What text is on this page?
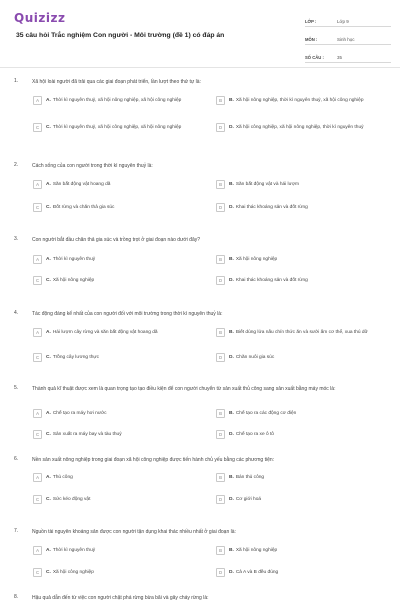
Quizizz
35 câu hỏi Trắc nghiệm Con người - Môi trường (đề 1) có đáp án
LỚP :	Lớp 9
MÔN :	Sinh học
SỐ CÂU :	35
1.	Xã hội loài người đã trải qua các giai đoạn phát triển, lần lượt theo thứ tự là:
A	A. Thời kì nguyên thuỷ, xã hội nông nghiệp, xã hội công nghiệp	B	B. Xã hội nông nghiệp, thời kì nguyên thuỷ, xã hội công nghiệp
C	C. Thời kì nguyên thuỷ, xã hội công nghiệp, xã hội nông nghiệp	D	D. Xã hội công nghiệp, xã hội nông nghiệp, thời kì nguyên thuỷ
2.	Cách sống của con người trong thời kì nguyên thuỷ là:
A	A. Săn bắt động vật hoang dã	B	B. Săn bắt động vật và hái lượm
C	C. Đốt rừng và chăn thả gia súc	D	D. Khai thác khoáng sản và đốt rừng
3.	Con người bắt đầu chăn thả gia súc và trồng trọt ở giai đoạn nào dưới đây?
A	A. Thời kì nguyên thuỷ	B	B. Xã hội nông nghiệp
C	C. Xã hội nông nghiệp	D	D. Khai thác khoáng sản và đốt rừng
4.	Tác động đáng kể nhất của con người đối với môi trường trong thời kì nguyên thuỷ là:
A	A. Hái lượm cây rừng và săn bắt động vật hoang dã	B	B. Biết dùng lửa nấu chín thức ăn và sưởi ấm cơ thể, xua thú dữ
C	C. Trồng cây lương thực	D	D. Chăn nuôi gia súc
5.	Thành quả kĩ thuật được xem là quan trọng tạo tạo điều kiện để con người chuyển từ sản xuất thủ công sang sản xuất bằng máy móc là:
A	A. Chế tạo ra máy hơi nước	B	B. Chế tạo ra các động cơ điện
C	C. Sản xuất ra máy bay và tàu thuỷ	D	D. Chế tạo ra xe ô tô
6.	Nền sản xuất nông nghiệp trong giai đoạn xã hội công nghiệp được tiến hành chủ yếu bằng các phương tiện:
A	A. Thủ công	B	B. Bán thủ công
C	C. Sức kéo động vật	D	D. Cơ giới hoá
7.	Nguồn tài nguyên khoáng sản được con người tận dụng khai thác nhiều nhất ở giai đoạn là:
A	A. Thời kì nguyên thuỷ	B	B. Xã hội nông nghiệp
C	C. Xã hội công nghiệp	D	D. Cả A và B đều đúng
8.	Hậu quả dẫn đến từ việc con người chặt phá rừng bừa bãi và gây cháy rừng là:
